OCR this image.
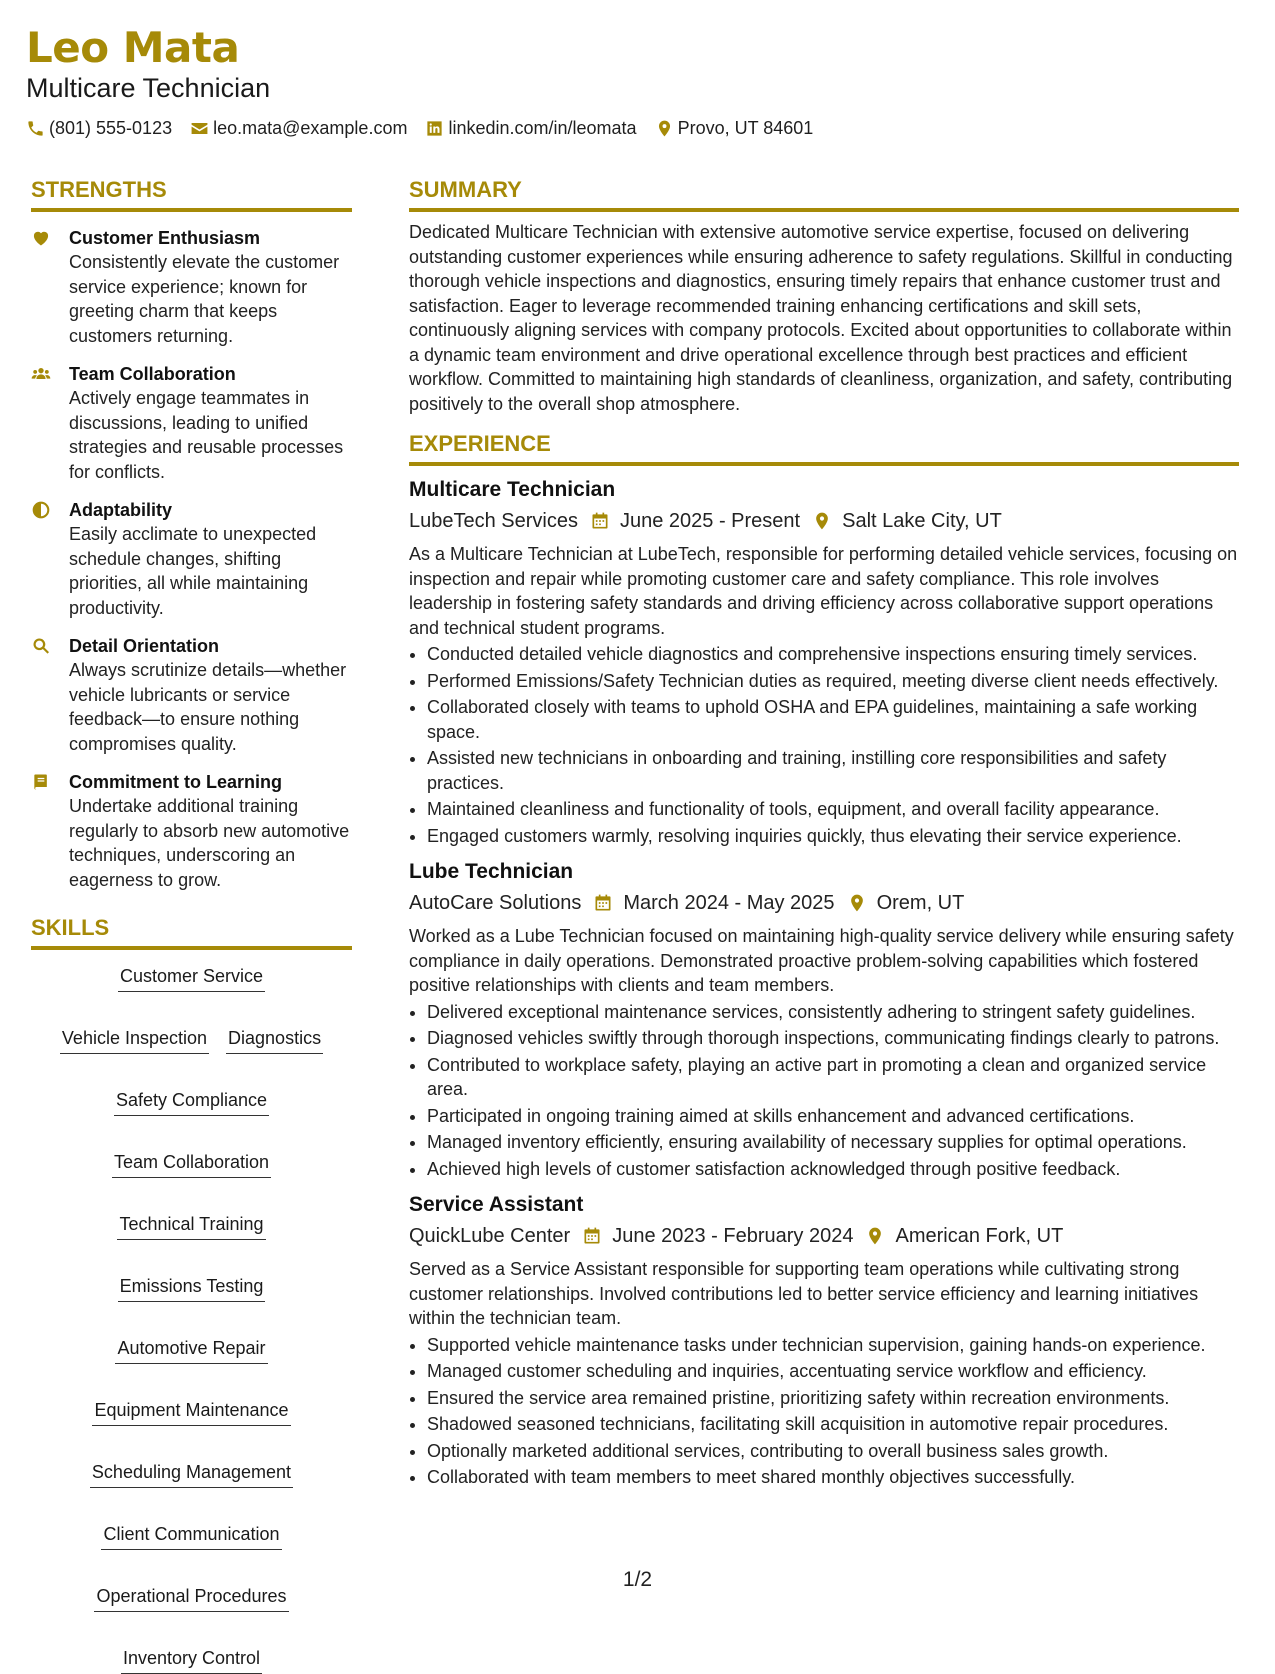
Leo Mata
Multicare Technician
(801) 555-0123 leo.mata@example.com linkedin.com/in/leomata Provo, UT 84601
STRENGTHS
Customer Enthusiasm
Consistently elevate the customer service experience; known for greeting charm that keeps customers returning.
Team Collaboration
Actively engage teammates in discussions, leading to unified strategies and reusable processes for conflicts.
Adaptability
Easily acclimate to unexpected schedule changes, shifting priorities, all while maintaining productivity.
Detail Orientation
Always scrutinize details—whether vehicle lubricants or service feedback—to ensure nothing compromises quality.
Commitment to Learning
Undertake additional training regularly to absorb new automotive techniques, underscoring an eagerness to grow.
SKILLS
Customer Service
Vehicle Inspection Diagnostics
Safety Compliance
Team Collaboration
Technical Training
Emissions Testing
Automotive Repair
Equipment Maintenance
Scheduling Management
Client Communication
Operational Procedures
Inventory Control
SUMMARY
Dedicated Multicare Technician with extensive automotive service expertise, focused on delivering outstanding customer experiences while ensuring adherence to safety regulations. Skillful in conducting thorough vehicle inspections and diagnostics, ensuring timely repairs that enhance customer trust and satisfaction. Eager to leverage recommended training enhancing certifications and skill sets, continuously aligning services with company protocols. Excited about opportunities to collaborate within a dynamic team environment and drive operational excellence through best practices and efficient workflow. Committed to maintaining high standards of cleanliness, organization, and safety, contributing positively to the overall shop atmosphere.
EXPERIENCE
Multicare Technician
LubeTech Services June 2025 - Present Salt Lake City, UT
As a Multicare Technician at LubeTech, responsible for performing detailed vehicle services, focusing on inspection and repair while promoting customer care and safety compliance. This role involves leadership in fostering safety standards and driving efficiency across collaborative support operations and technical student programs.
• Conducted detailed vehicle diagnostics and comprehensive inspections ensuring timely services.
• Performed Emissions/Safety Technician duties as required, meeting diverse client needs effectively.
• Collaborated closely with teams to uphold OSHA and EPA guidelines, maintaining a safe working space.
• Assisted new technicians in onboarding and training, instilling core responsibilities and safety practices.
• Maintained cleanliness and functionality of tools, equipment, and overall facility appearance.
• Engaged customers warmly, resolving inquiries quickly, thus elevating their service experience.
Lube Technician
AutoCare Solutions March 2024 - May 2025 Orem, UT
Worked as a Lube Technician focused on maintaining high-quality service delivery while ensuring safety compliance in daily operations. Demonstrated proactive problem-solving capabilities which fostered positive relationships with clients and team members.
• Delivered exceptional maintenance services, consistently adhering to stringent safety guidelines.
• Diagnosed vehicles swiftly through thorough inspections, communicating findings clearly to patrons.
• Contributed to workplace safety, playing an active part in promoting a clean and organized service area.
• Participated in ongoing training aimed at skills enhancement and advanced certifications.
• Managed inventory efficiently, ensuring availability of necessary supplies for optimal operations.
• Achieved high levels of customer satisfaction acknowledged through positive feedback.
Service Assistant
QuickLube Center June 2023 - February 2024 American Fork, UT
Served as a Service Assistant responsible for supporting team operations while cultivating strong customer relationships. Involved contributions led to better service efficiency and learning initiatives within the technician team.
• Supported vehicle maintenance tasks under technician supervision, gaining hands-on experience.
• Managed customer scheduling and inquiries, accentuating service workflow and efficiency.
• Ensured the service area remained pristine, prioritizing safety within recreation environments.
• Shadowed seasoned technicians, facilitating skill acquisition in automotive repair procedures.
• Optionally marketed additional services, contributing to overall business sales growth.
• Collaborated with team members to meet shared monthly objectives successfully.
1/2
